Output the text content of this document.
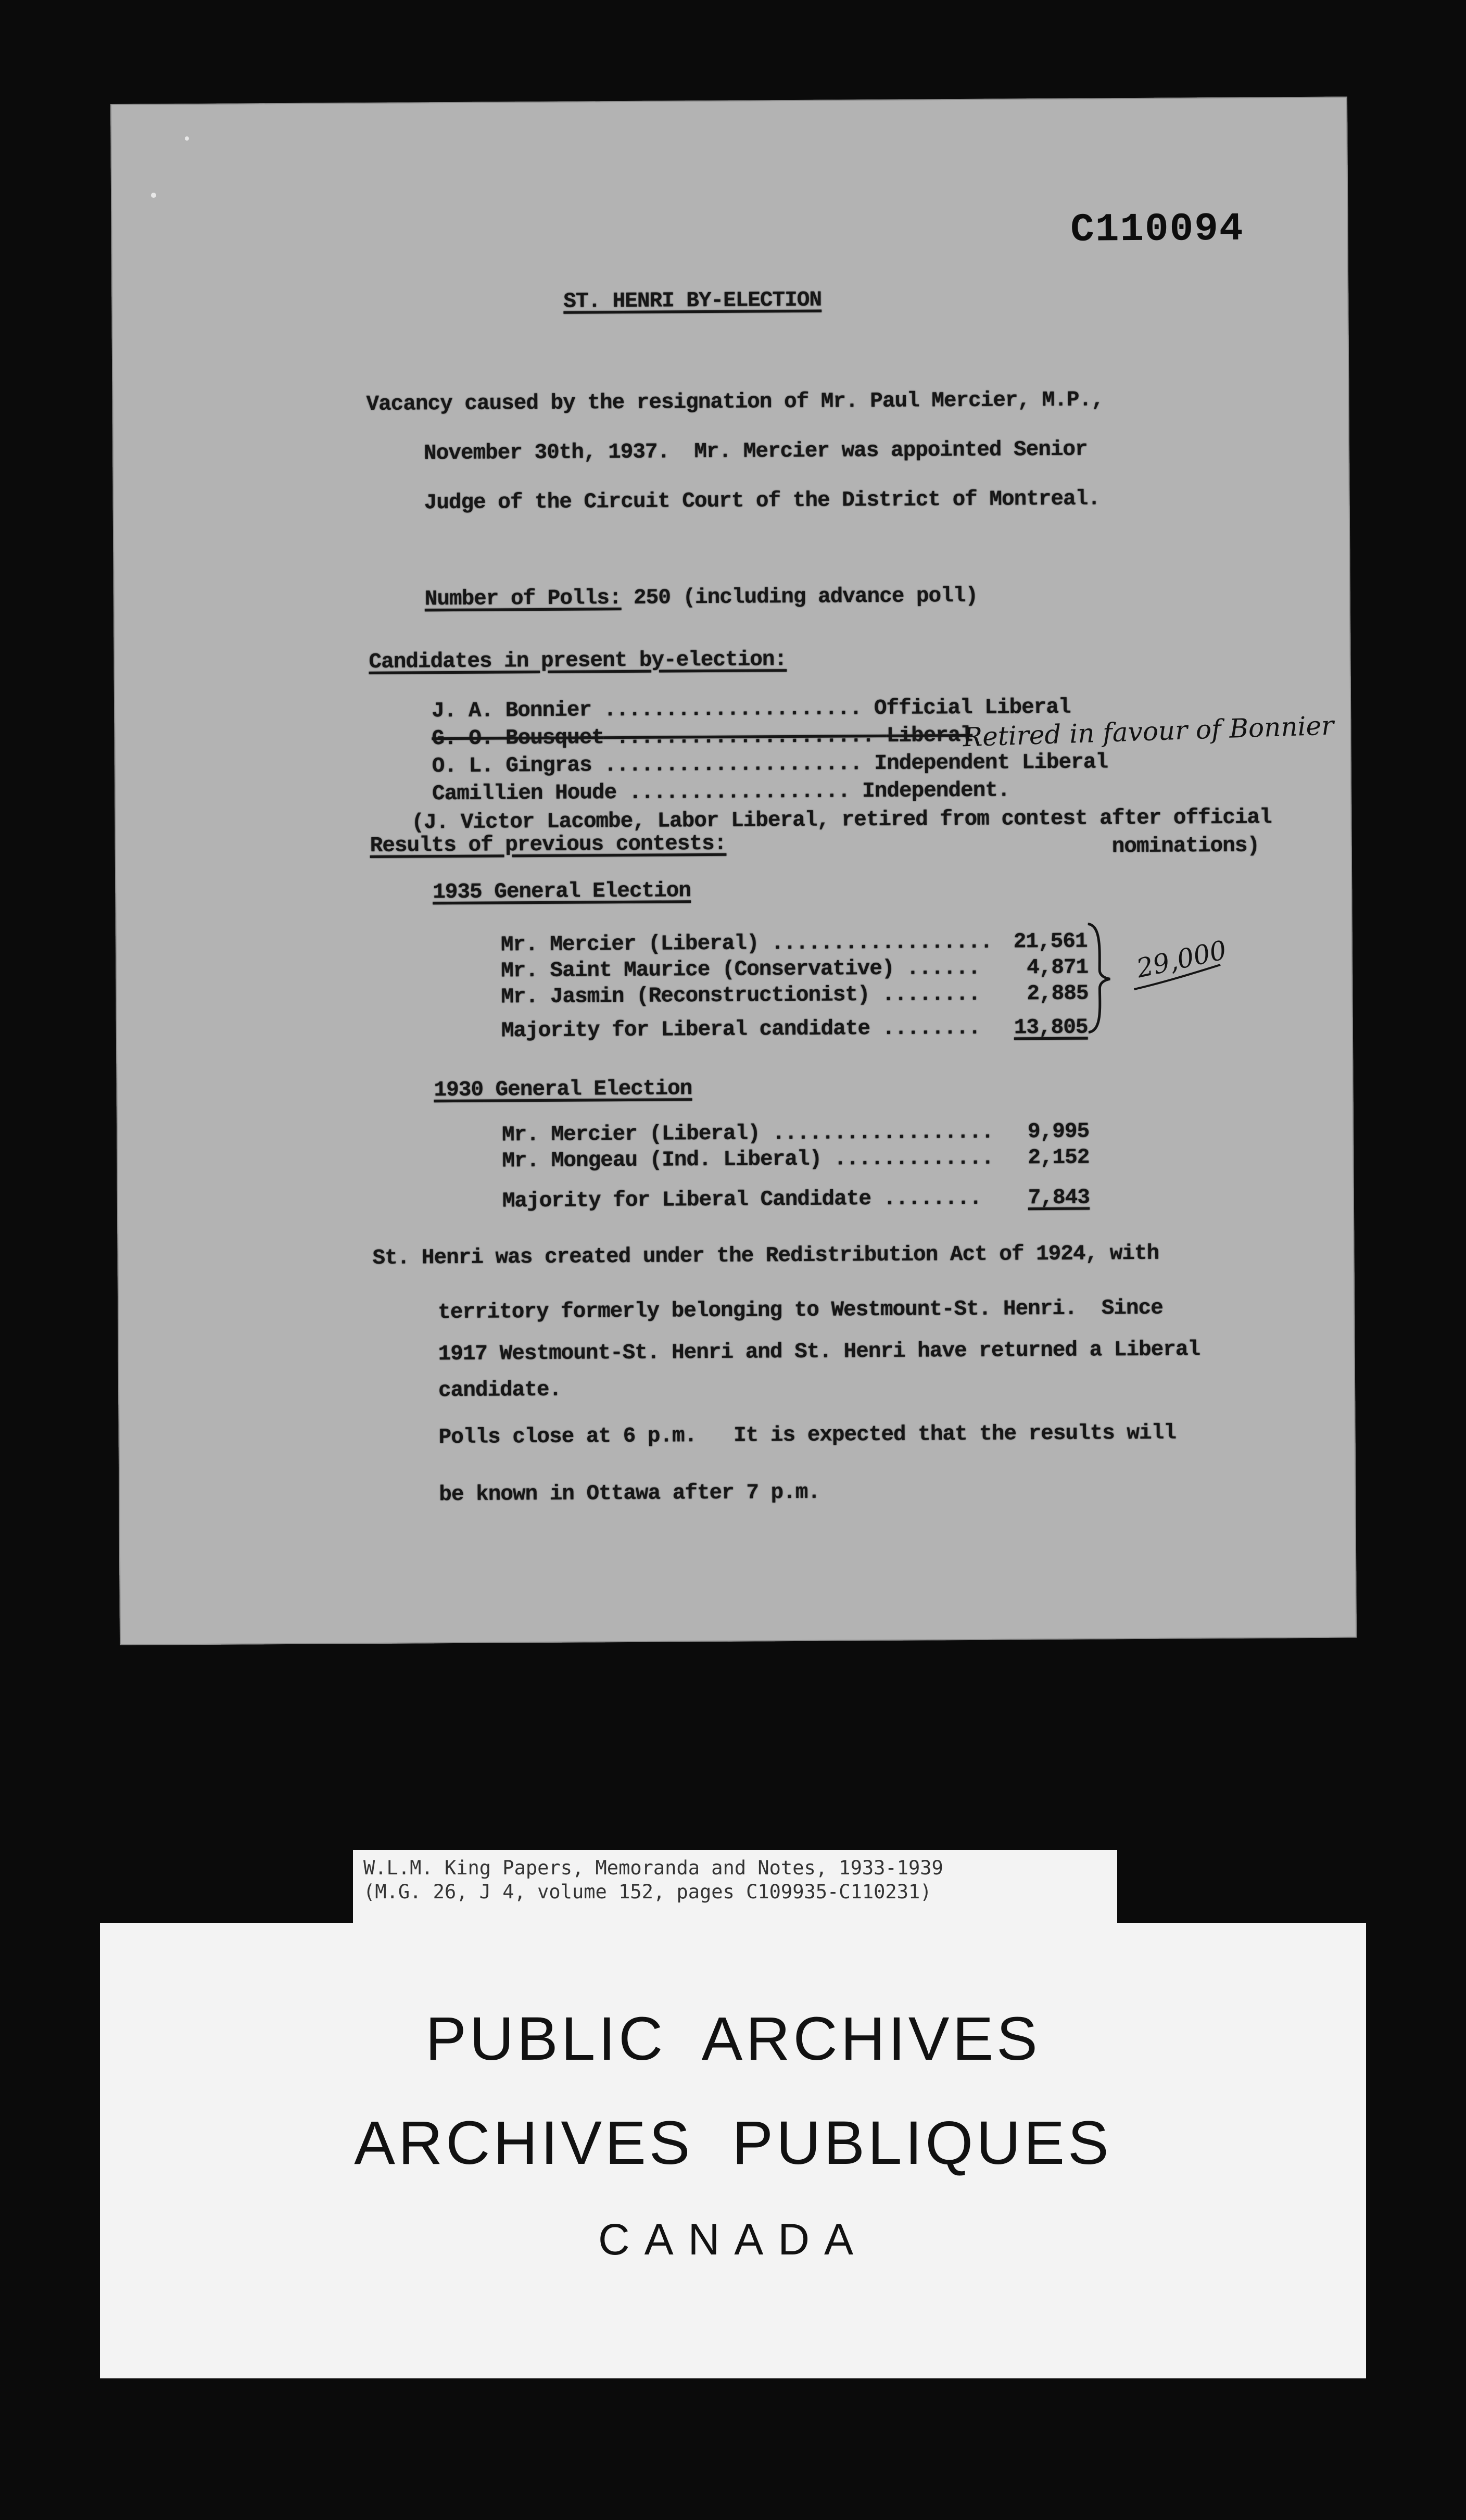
C110094
ST. HENRI BY-ELECTION
Vacancy caused by the resignation of Mr. Paul Mercier, M.P.,
November 30th, 1937.  Mr. Mercier was appointed Senior
Judge of the Circuit Court of the District of Montreal.
Number of Polls: 250 (including advance poll)
Candidates in present by-election:
J. A. Bonnier ..................... Official Liberal
G. O. Bousquet ..................... Liberal
Retired in favour of Bonnier
O. L. Gingras ..................... Independent Liberal
Camillien Houde .................. Independent.
(J. Victor Lacombe, Labor Liberal, retired from contest after official
Results of previous contests:	nominations)
1935 General Election
Mr. Mercier (Liberal) .................. 21,561
Mr. Saint Maurice (Conservative) ...... 4,871
Mr. Jasmin (Reconstructionist) ........ 2,885
Majority for Liberal candidate ........ 13,805
29,000
1930 General Election
Mr. Mercier (Liberal) .................. 9,995
Mr. Mongeau (Ind. Liberal) ............. 2,152
Majority for Liberal Candidate ........ 7,843
St. Henri was created under the Redistribution Act of 1924, with
territory formerly belonging to Westmount-St. Henri.  Since
1917 Westmount-St. Henri and St. Henri have returned a Liberal
candidate.
Polls close at 6 p.m.   It is expected that the results will
be known in Ottawa after 7 p.m.
W.L.M. King Papers, Memoranda and Notes, 1933-1939
(M.G. 26, J 4, volume 152, pages C109935-C110231)
PUBLIC ARCHIVES
ARCHIVES PUBLIQUES
CANADA
